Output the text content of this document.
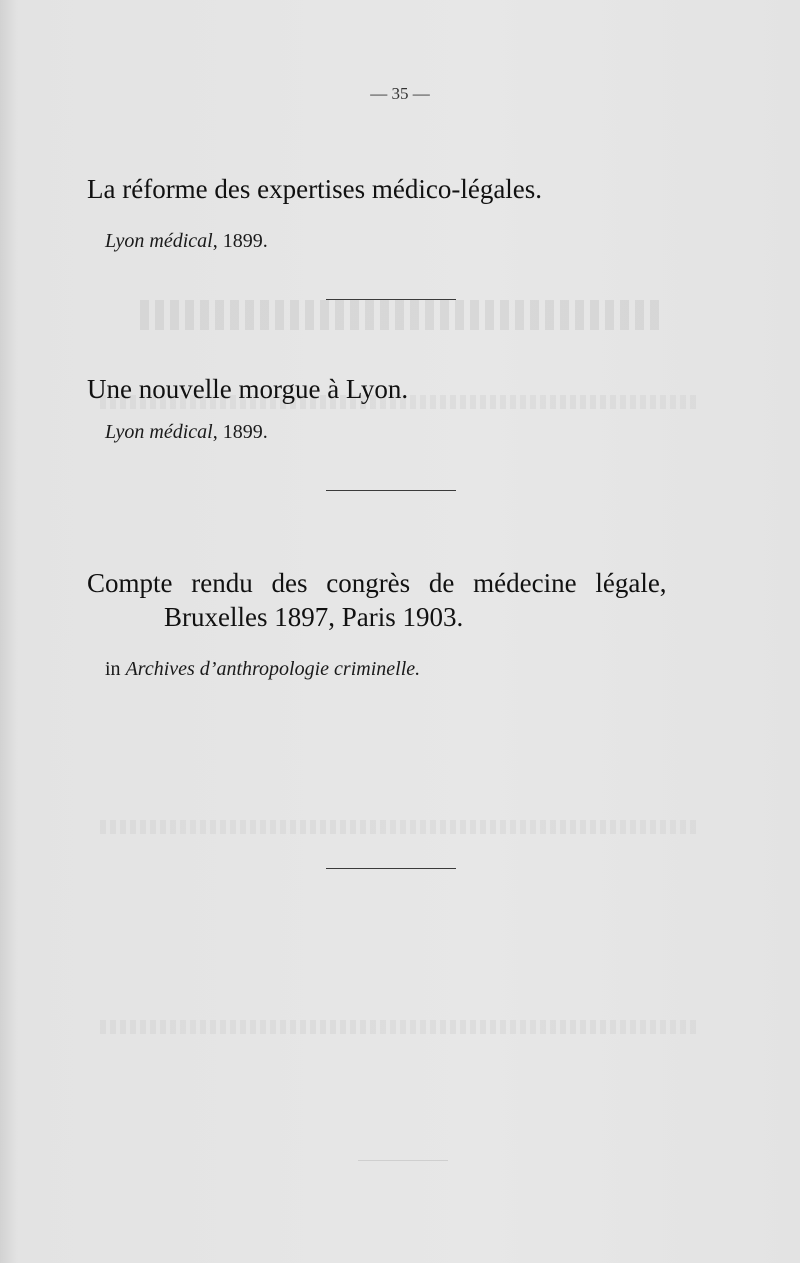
— 35 —
La réforme des expertises médico-légales.
Lyon médical, 1899.
Une nouvelle morgue à Lyon.
Lyon médical, 1899.
Compte rendu des congrès de médecine légale,
Bruxelles 1897, Paris 1903.
in Archives d’anthropologie criminelle.
